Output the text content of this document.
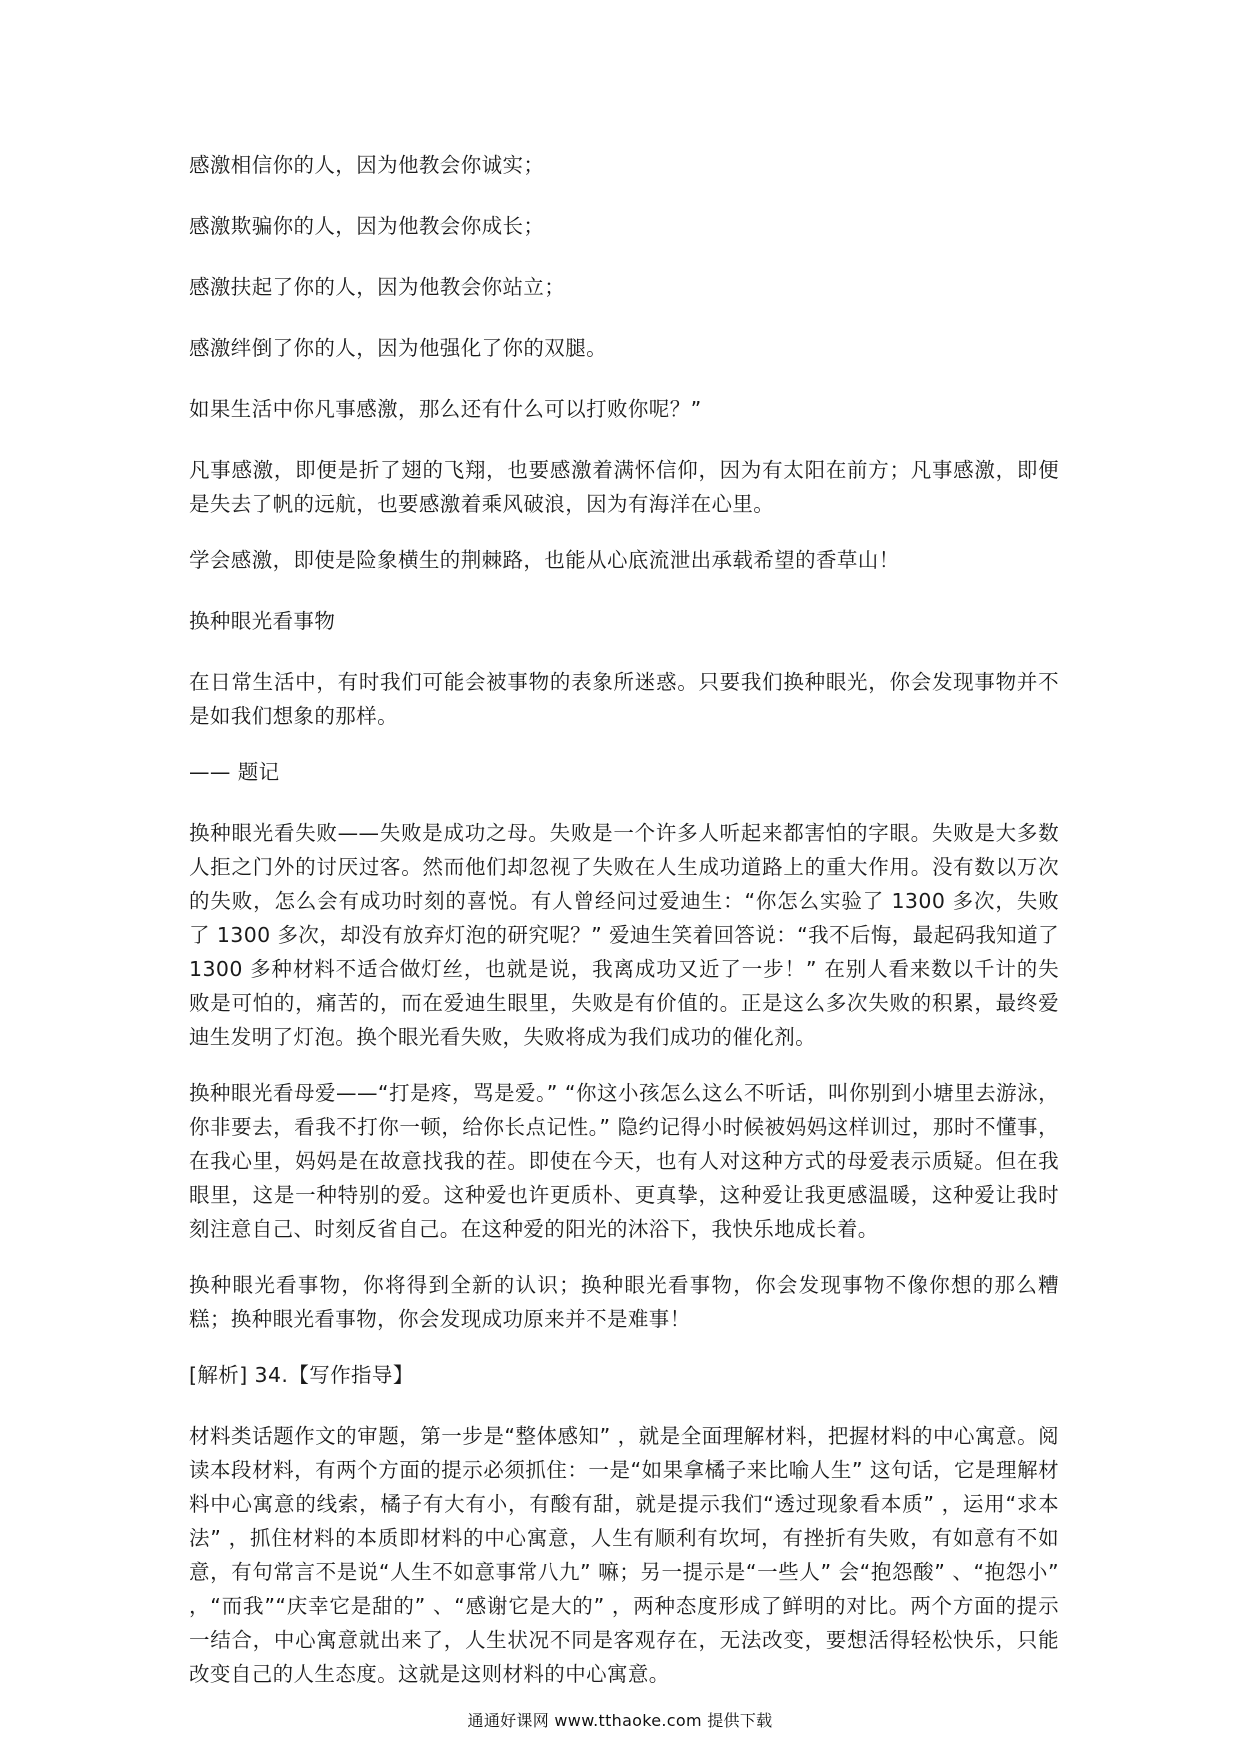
感激相信你的人，因为他教会你诚实；

感激欺骗你的人，因为他教会你成长；

感激扶起了你的人，因为他教会你站立；

感激绊倒了你的人，因为他强化了你的双腿。

如果生活中你凡事感激，那么还有什么可以打败你呢？”

凡事感激，即便是折了翅的飞翔，也要感激着满怀信仰，因为有太阳在前方；凡事感激，即便是失去了帆的远航，也要感激着乘风破浪，因为有海洋在心里。

学会感激，即使是险象横生的荆棘路，也能从心底流泄出承载希望的香草山！

换种眼光看事物

在日常生活中，有时我们可能会被事物的表象所迷惑。只要我们换种眼光，你会发现事物并不是如我们想象的那样。

—— 题记

换种眼光看失败——失败是成功之母。失败是一个许多人听起来都害怕的字眼。失败是大多数人拒之门外的讨厌过客。然而他们却忽视了失败在人生成功道路上的重大作用。没有数以万次的失败，怎么会有成功时刻的喜悦。有人曾经问过爱迪生：“你怎么实验了 1300 多次，失败了 1300 多次，却没有放弃灯泡的研究呢？” 爱迪生笑着回答说：“我不后悔，最起码我知道了 1300 多种材料不适合做灯丝，也就是说，我离成功又近了一步！” 在别人看来数以千计的失败是可怕的，痛苦的，而在爱迪生眼里，失败是有价值的。正是这么多次失败的积累，最终爱迪生发明了灯泡。换个眼光看失败，失败将成为我们成功的催化剂。

换种眼光看母爱——“打是疼，骂是爱。” “你这小孩怎么这么不听话，叫你别到小塘里去游泳，你非要去，看我不打你一顿，给你长点记性。” 隐约记得小时候被妈妈这样训过，那时不懂事，在我心里，妈妈是在故意找我的茬。即使在今天，也有人对这种方式的母爱表示质疑。但在我眼里，这是一种特别的爱。这种爱也许更质朴、更真挚，这种爱让我更感温暖，这种爱让我时刻注意自己、时刻反省自己。在这种爱的阳光的沐浴下，我快乐地成长着。

换种眼光看事物，你将得到全新的认识；换种眼光看事物，你会发现事物不像你想的那么糟糕；换种眼光看事物，你会发现成功原来并不是难事！

[解析] 34.【写作指导】

材料类话题作文的审题，第一步是“整体感知” ，就是全面理解材料，把握材料的中心寓意。阅读本段材料，有两个方面的提示必须抓住：一是“如果拿橘子来比喻人生” 这句话，它是理解材料中心寓意的线索，橘子有大有小，有酸有甜，就是提示我们“透过现象看本质” ，运用“求本法” ，抓住材料的本质即材料的中心寓意，人生有顺利有坎坷，有挫折有失败，有如意有不如意，有句常言不是说“人生不如意事常八九” 嘛；另一提示是“一些人” 会“抱怨酸” 、“抱怨小” ，“而我”“庆幸它是甜的” 、“感谢它是大的” ，两种态度形成了鲜明的对比。两个方面的提示一结合，中心寓意就出来了，人生状况不同是客观存在，无法改变，要想活得轻松快乐，只能改变自己的人生态度。这就是这则材料的中心寓意。

通通好课网 www.tthaoke.com 提供下载
